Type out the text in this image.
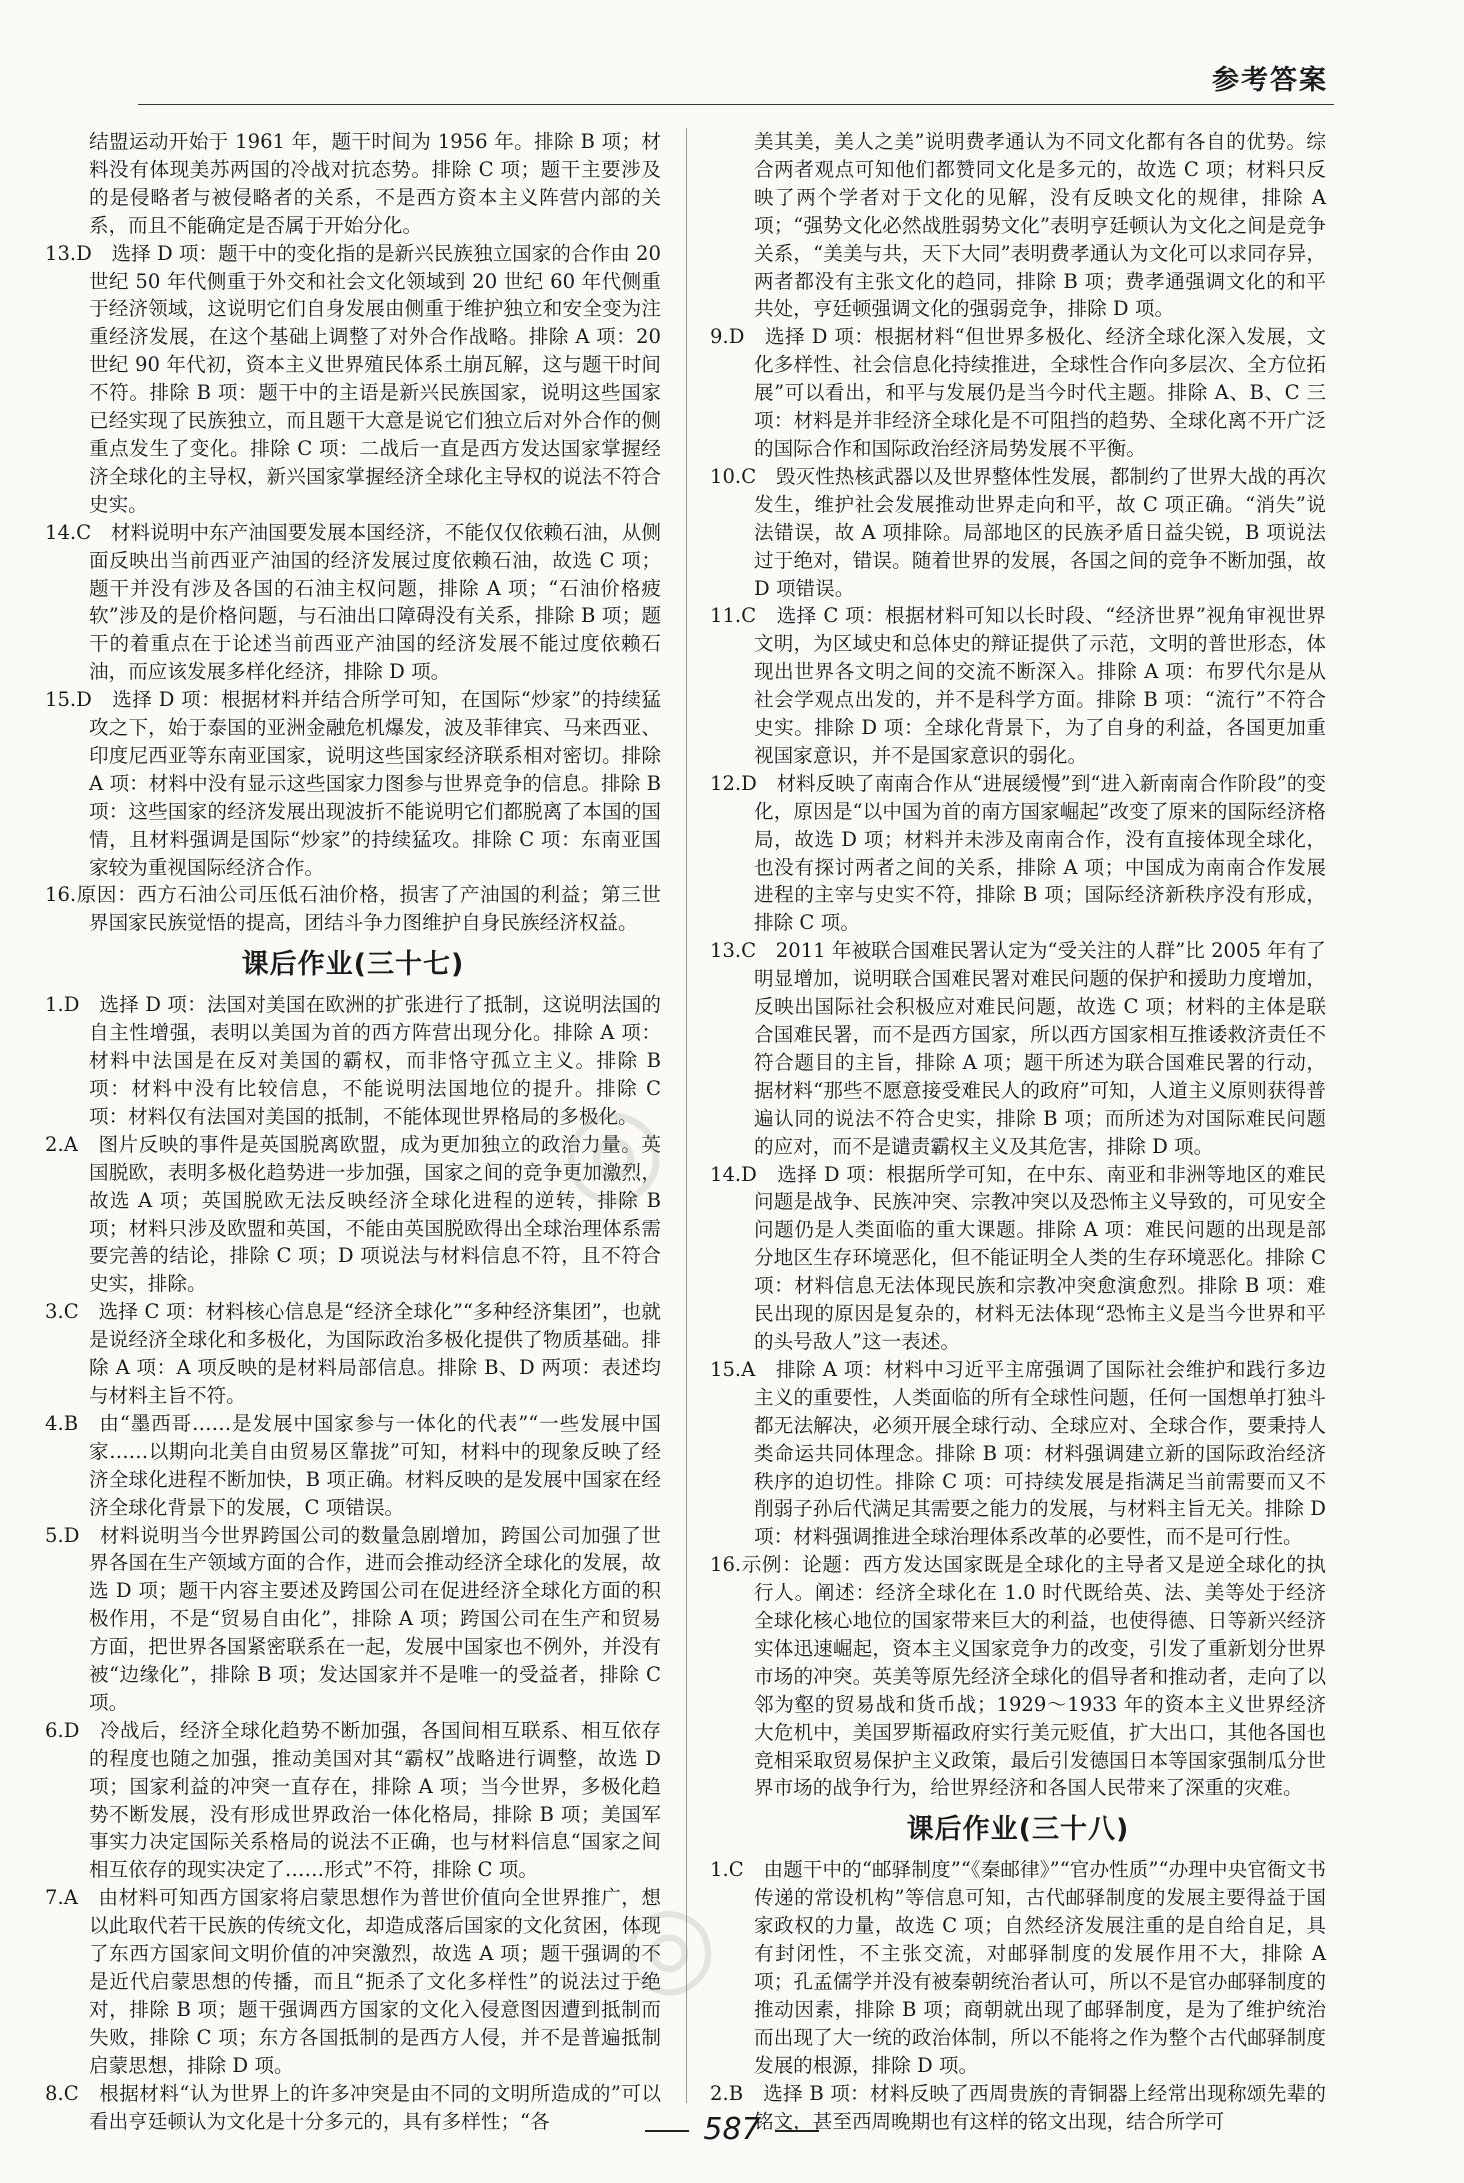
参考答案

结盟运动开始于 1961 年，题干时间为 1956 年。排除 B 项；材料没有体现美苏两国的冷战对抗态势。排除 C 项；题干主要涉及的是侵略者与被侵略者的关系，不是西方资本主义阵营内部的关系，而且不能确定是否属于开始分化。

13.D　选择 D 项：题干中的变化指的是新兴民族独立国家的合作由 20 世纪 50 年代侧重于外交和社会文化领域到 20 世纪 60 年代侧重于经济领域，这说明它们自身发展由侧重于维护独立和安全变为注重经济发展，在这个基础上调整了对外合作战略。排除 A 项：20 世纪 90 年代初，资本主义世界殖民体系土崩瓦解，这与题干时间不符。排除 B 项：题干中的主语是新兴民族国家，说明这些国家已经实现了民族独立，而且题干大意是说它们独立后对外合作的侧重点发生了变化。排除 C 项：二战后一直是西方发达国家掌握经济全球化的主导权，新兴国家掌握经济全球化主导权的说法不符合史实。

14.C　材料说明中东产油国要发展本国经济，不能仅仅依赖石油，从侧面反映出当前西亚产油国的经济发展过度依赖石油，故选 C 项；题干并没有涉及各国的石油主权问题，排除 A 项；“石油价格疲软”涉及的是价格问题，与石油出口障碍没有关系，排除 B 项；题干的着重点在于论述当前西亚产油国的经济发展不能过度依赖石油，而应该发展多样化经济，排除 D 项。

15.D　选择 D 项：根据材料并结合所学可知，在国际“炒家”的持续猛攻之下，始于泰国的亚洲金融危机爆发，波及菲律宾、马来西亚、印度尼西亚等东南亚国家，说明这些国家经济联系相对密切。排除 A 项：材料中没有显示这些国家力图参与世界竞争的信息。排除 B 项：这些国家的经济发展出现波折不能说明它们都脱离了本国的国情，且材料强调是国际“炒家”的持续猛攻。排除 C 项：东南亚国家较为重视国际经济合作。

16.原因：西方石油公司压低石油价格，损害了产油国的利益；第三世界国家民族觉悟的提高，团结斗争力图维护自身民族经济权益。

课后作业(三十七)

1.D　选择 D 项：法国对美国在欧洲的扩张进行了抵制，这说明法国的自主性增强，表明以美国为首的西方阵营出现分化。排除 A 项：材料中法国是在反对美国的霸权，而非恪守孤立主义。排除 B 项：材料中没有比较信息，不能说明法国地位的提升。排除 C 项：材料仅有法国对美国的抵制，不能体现世界格局的多极化。

2.A　图片反映的事件是英国脱离欧盟，成为更加独立的政治力量。英国脱欧，表明多极化趋势进一步加强，国家之间的竞争更加激烈，故选 A 项；英国脱欧无法反映经济全球化进程的逆转，排除 B 项；材料只涉及欧盟和英国，不能由英国脱欧得出全球治理体系需要完善的结论，排除 C 项；D 项说法与材料信息不符，且不符合史实，排除。

3.C　选择 C 项：材料核心信息是“经济全球化”“多种经济集团”，也就是说经济全球化和多极化，为国际政治多极化提供了物质基础。排除 A 项：A 项反映的是材料局部信息。排除 B、D 两项：表述均与材料主旨不符。

4.B　由“墨西哥……是发展中国家参与一体化的代表”“一些发展中国家……以期向北美自由贸易区靠拢”可知，材料中的现象反映了经济全球化进程不断加快，B 项正确。材料反映的是发展中国家在经济全球化背景下的发展，C 项错误。

5.D　材料说明当今世界跨国公司的数量急剧增加，跨国公司加强了世界各国在生产领域方面的合作，进而会推动经济全球化的发展，故选 D 项；题干内容主要述及跨国公司在促进经济全球化方面的积极作用，不是“贸易自由化”，排除 A 项；跨国公司在生产和贸易方面，把世界各国紧密联系在一起，发展中国家也不例外，并没有被“边缘化”，排除 B 项；发达国家并不是唯一的受益者，排除 C 项。

6.D　冷战后，经济全球化趋势不断加强，各国间相互联系、相互依存的程度也随之加强，推动美国对其“霸权”战略进行调整，故选 D 项；国家利益的冲突一直存在，排除 A 项；当今世界，多极化趋势不断发展，没有形成世界政治一体化格局，排除 B 项；美国军事实力决定国际关系格局的说法不正确，也与材料信息“国家之间相互依存的现实决定了……形式”不符，排除 C 项。

7.A　由材料可知西方国家将启蒙思想作为普世价值向全世界推广，想以此取代若干民族的传统文化，却造成落后国家的文化贫困，体现了东西方国家间文明价值的冲突激烈，故选 A 项；题干强调的不是近代启蒙思想的传播，而且“扼杀了文化多样性”的说法过于绝对，排除 B 项；题干强调西方国家的文化入侵意图因遭到抵制而失败，排除 C 项；东方各国抵制的是西方人侵，并不是普遍抵制启蒙思想，排除 D 项。

8.C　根据材料“认为世界上的许多冲突是由不同的文明所造成的”可以看出亨廷顿认为文化是十分多元的，具有多样性；“各

美其美，美人之美”说明费孝通认为不同文化都有各自的优势。综合两者观点可知他们都赞同文化是多元的，故选 C 项；材料只反映了两个学者对于文化的见解，没有反映文化的规律，排除 A 项；“强势文化必然战胜弱势文化”表明亨廷顿认为文化之间是竞争关系，“美美与共，天下大同”表明费孝通认为文化可以求同存异，两者都没有主张文化的趋同，排除 B 项；费孝通强调文化的和平共处，亨廷顿强调文化的强弱竞争，排除 D 项。

9.D　选择 D 项：根据材料“但世界多极化、经济全球化深入发展，文化多样性、社会信息化持续推进，全球性合作向多层次、全方位拓展”可以看出，和平与发展仍是当今时代主题。排除 A、B、C 三项：材料是并非经济全球化是不可阻挡的趋势、全球化离不开广泛的国际合作和国际政治经济局势发展不平衡。

10.C　毁灭性热核武器以及世界整体性发展，都制约了世界大战的再次发生，维护社会发展推动世界走向和平，故 C 项正确。“消失”说法错误，故 A 项排除。局部地区的民族矛盾日益尖锐，B 项说法过于绝对，错误。随着世界的发展，各国之间的竞争不断加强，故 D 项错误。

11.C　选择 C 项：根据材料可知以长时段、“经济世界”视角审视世界文明，为区域史和总体史的辩证提供了示范，文明的普世形态，体现出世界各文明之间的交流不断深入。排除 A 项：布罗代尔是从社会学观点出发的，并不是科学方面。排除 B 项：“流行”不符合史实。排除 D 项：全球化背景下，为了自身的利益，各国更加重视国家意识，并不是国家意识的弱化。

12.D　材料反映了南南合作从“进展缓慢”到“进入新南南合作阶段”的变化，原因是“以中国为首的南方国家崛起”改变了原来的国际经济格局，故选 D 项；材料并未涉及南南合作，没有直接体现全球化，也没有探讨两者之间的关系，排除 A 项；中国成为南南合作发展进程的主宰与史实不符，排除 B 项；国际经济新秩序没有形成，排除 C 项。

13.C　2011 年被联合国难民署认定为“受关注的人群”比 2005 年有了明显增加，说明联合国难民署对难民问题的保护和援助力度增加，反映出国际社会积极应对难民问题，故选 C 项；材料的主体是联合国难民署，而不是西方国家，所以西方国家相互推诿救济责任不符合题目的主旨，排除 A 项；题干所述为联合国难民署的行动，据材料“那些不愿意接受难民人的政府”可知，人道主义原则获得普遍认同的说法不符合史实，排除 B 项；而所述为对国际难民问题的应对，而不是谴责霸权主义及其危害，排除 D 项。

14.D　选择 D 项：根据所学可知，在中东、南亚和非洲等地区的难民问题是战争、民族冲突、宗教冲突以及恐怖主义导致的，可见安全问题仍是人类面临的重大课题。排除 A 项：难民问题的出现是部分地区生存环境恶化，但不能证明全人类的生存环境恶化。排除 C 项：材料信息无法体现民族和宗教冲突愈演愈烈。排除 B 项：难民出现的原因是复杂的，材料无法体现“恐怖主义是当今世界和平的头号敌人”这一表述。

15.A　排除 A 项：材料中习近平主席强调了国际社会维护和践行多边主义的重要性，人类面临的所有全球性问题，任何一国想单打独斗都无法解决，必须开展全球行动、全球应对、全球合作，要秉持人类命运共同体理念。排除 B 项：材料强调建立新的国际政治经济秩序的迫切性。排除 C 项：可持续发展是指满足当前需要而又不削弱子孙后代满足其需要之能力的发展，与材料主旨无关。排除 D 项：材料强调推进全球治理体系改革的必要性，而不是可行性。

16.示例：论题：西方发达国家既是全球化的主导者又是逆全球化的执行人。阐述：经济全球化在 1.0 时代既给英、法、美等处于经济全球化核心地位的国家带来巨大的利益，也使得德、日等新兴经济实体迅速崛起，资本主义国家竞争力的改变，引发了重新划分世界市场的冲突。英美等原先经济全球化的倡导者和推动者，走向了以邻为壑的贸易战和货币战；1929～1933 年的资本主义世界经济大危机中，美国罗斯福政府实行美元贬值，扩大出口，其他各国也竞相采取贸易保护主义政策，最后引发德国日本等国家强制瓜分世界市场的战争行为，给世界经济和各国人民带来了深重的灾难。

课后作业(三十八)

1.C　由题干中的“邮驿制度”“《秦邮律》”“官办性质”“办理中央官衙文书传递的常设机构”等信息可知，古代邮驿制度的发展主要得益于国家政权的力量，故选 C 项；自然经济发展注重的是自给自足，具有封闭性，不主张交流，对邮驿制度的发展作用不大，排除 A 项；孔孟儒学并没有被秦朝统治者认可，所以不是官办邮驿制度的推动因素，排除 B 项；商朝就出现了邮驿制度，是为了维护统治而出现了大一统的政治体制，所以不能将之作为整个古代邮驿制度发展的根源，排除 D 项。

2.B　选择 B 项：材料反映了西周贵族的青铜器上经常出现称颂先辈的铭文，甚至西周晚期也有这样的铭文出现，结合所学可

587
◎
◎
